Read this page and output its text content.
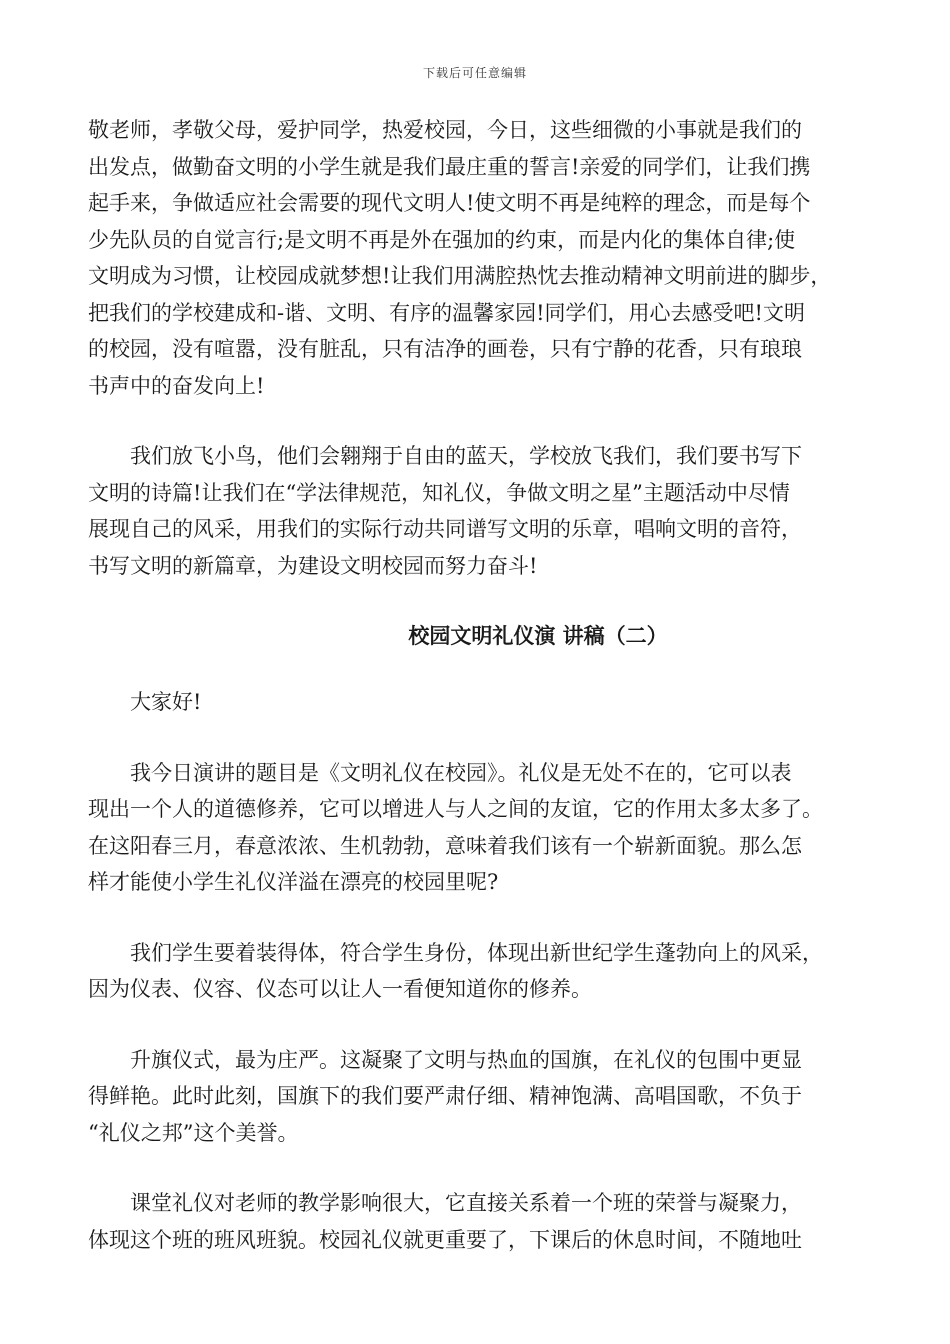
下载后可任意编辑

敬老师，孝敬父母，爱护同学，热爱校园，今日，这些细微的小事就是我们的
出发点，做勤奋文明的小学生就是我们最庄重的誓言!亲爱的同学们，让我们携
起手来，争做适应社会需要的现代文明人!使文明不再是纯粹的理念，而是每个
少先队员的自觉言行;是文明不再是外在强加的约束，而是内化的集体自律;使
文明成为习惯，让校园成就梦想!让我们用满腔热忱去推动精神文明前进的脚步，
把我们的学校建成和-谐、文明、有序的温馨家园!同学们，用心去感受吧!文明
的校园，没有喧嚣，没有脏乱，只有洁净的画卷，只有宁静的花香，只有琅琅
书声中的奋发向上!

　　我们放飞小鸟，他们会翱翔于自由的蓝天，学校放飞我们，我们要书写下
文明的诗篇!让我们在“学法律规范，知礼仪，争做文明之星”主题活动中尽情
展现自己的风采，用我们的实际行动共同谱写文明的乐章，唱响文明的音符，
书写文明的新篇章，为建设文明校园而努力奋斗!

校园文明礼仪演 讲稿（二）

　　大家好!

　　我今日演讲的题目是《文明礼仪在校园》。礼仪是无处不在的，它可以表
现出一个人的道德修养，它可以增进人与人之间的友谊，它的作用太多太多了。
在这阳春三月，春意浓浓、生机勃勃，意味着我们该有一个崭新面貌。那么怎
样才能使小学生礼仪洋溢在漂亮的校园里呢?

　　我们学生要着装得体，符合学生身份，体现出新世纪学生蓬勃向上的风采，
因为仪表、仪容、仪态可以让人一看便知道你的修养。

　　升旗仪式，最为庄严。这凝聚了文明与热血的国旗，在礼仪的包围中更显
得鲜艳。此时此刻，国旗下的我们要严肃仔细、精神饱满、高唱国歌，不负于
“礼仪之邦”这个美誉。

　　课堂礼仪对老师的教学影响很大，它直接关系着一个班的荣誉与凝聚力，
体现这个班的班风班貌。校园礼仪就更重要了，下课后的休息时间，不随地吐
